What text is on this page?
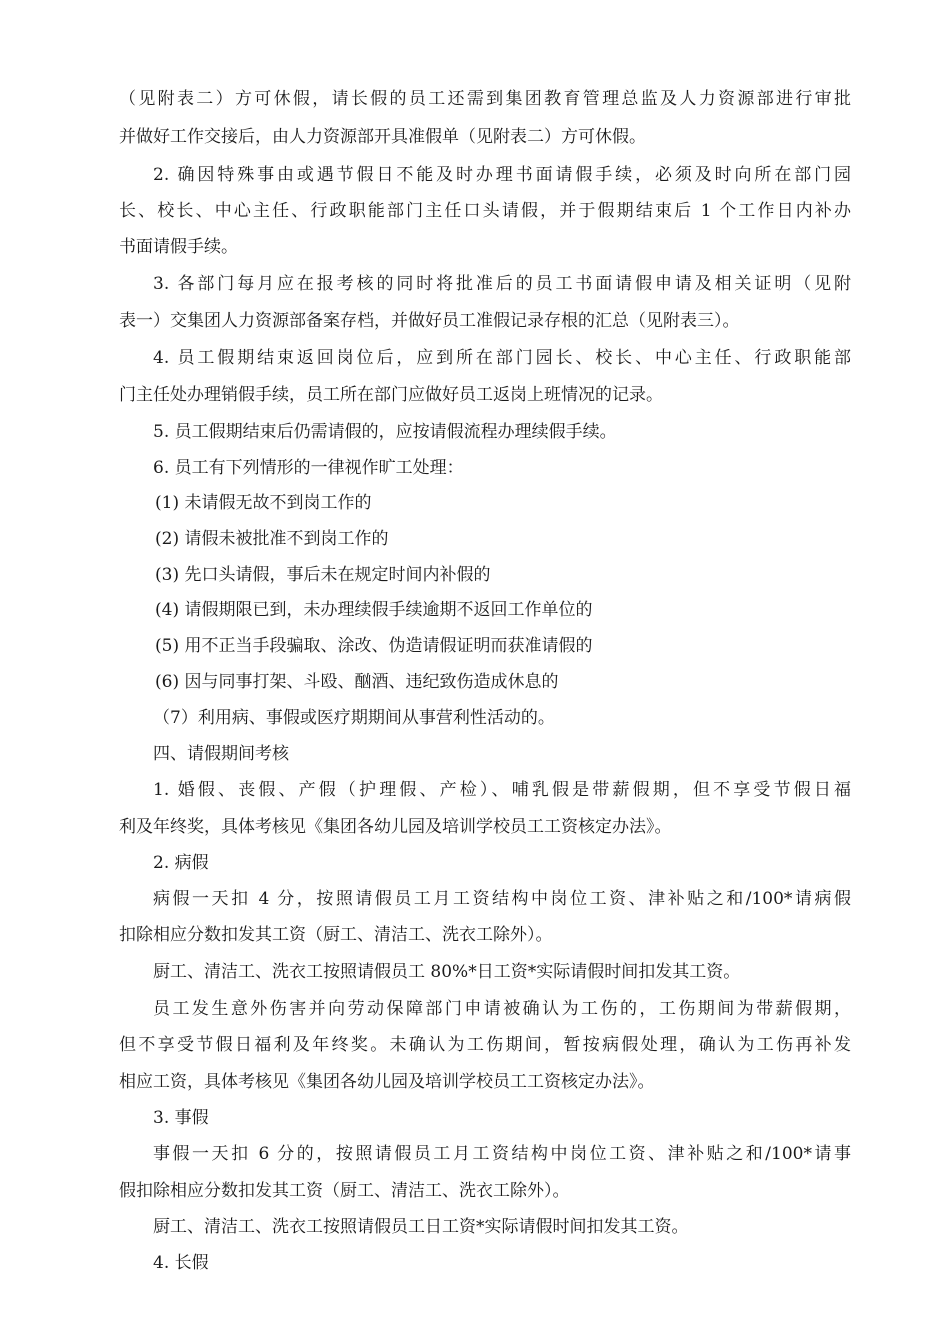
（见附表二）方可休假，请长假的员工还需到集团教育管理总监及人力资源部进行审批
并做好工作交接后，由人力资源部开具准假单（见附表二）方可休假。
2. 确因特殊事由或遇节假日不能及时办理书面请假手续，必须及时向所在部门园
长、校长、中心主任、行政职能部门主任口头请假，并于假期结束后 1 个工作日内补办
书面请假手续。
3. 各部门每月应在报考核的同时将批准后的员工书面请假申请及相关证明（见附
表一）交集团人力资源部备案存档，并做好员工准假记录存根的汇总（见附表三）。
4. 员工假期结束返回岗位后，应到所在部门园长、校长、中心主任、行政职能部
门主任处办理销假手续，员工所在部门应做好员工返岗上班情况的记录。
5. 员工假期结束后仍需请假的，应按请假流程办理续假手续。
6. 员工有下列情形的一律视作旷工处理：
(1) 未请假无故不到岗工作的
(2) 请假未被批准不到岗工作的
(3) 先口头请假，事后未在规定时间内补假的
(4) 请假期限已到，未办理续假手续逾期不返回工作单位的
(5) 用不正当手段骗取、涂改、伪造请假证明而获准请假的
(6) 因与同事打架、斗殴、酗酒、违纪致伤造成休息的
（7）利用病、事假或医疗期期间从事营利性活动的。
四、请假期间考核
1. 婚假、丧假、产假（护理假、产检）、哺乳假是带薪假期，但不享受节假日福
利及年终奖，具体考核见《集团各幼儿园及培训学校员工工资核定办法》。
2. 病假
病假一天扣 4 分，按照请假员工月工资结构中岗位工资、津补贴之和/100*请病假
扣除相应分数扣发其工资（厨工、清洁工、洗衣工除外）。
厨工、清洁工、洗衣工按照请假员工 80%*日工资*实际请假时间扣发其工资。
员工发生意外伤害并向劳动保障部门申请被确认为工伤的，工伤期间为带薪假期，
但不享受节假日福利及年终奖。未确认为工伤期间，暂按病假处理，确认为工伤再补发
相应工资，具体考核见《集团各幼儿园及培训学校员工工资核定办法》。
3. 事假
事假一天扣 6 分的，按照请假员工月工资结构中岗位工资、津补贴之和/100*请事
假扣除相应分数扣发其工资（厨工、清洁工、洗衣工除外）。
厨工、清洁工、洗衣工按照请假员工日工资*实际请假时间扣发其工资。
4. 长假
